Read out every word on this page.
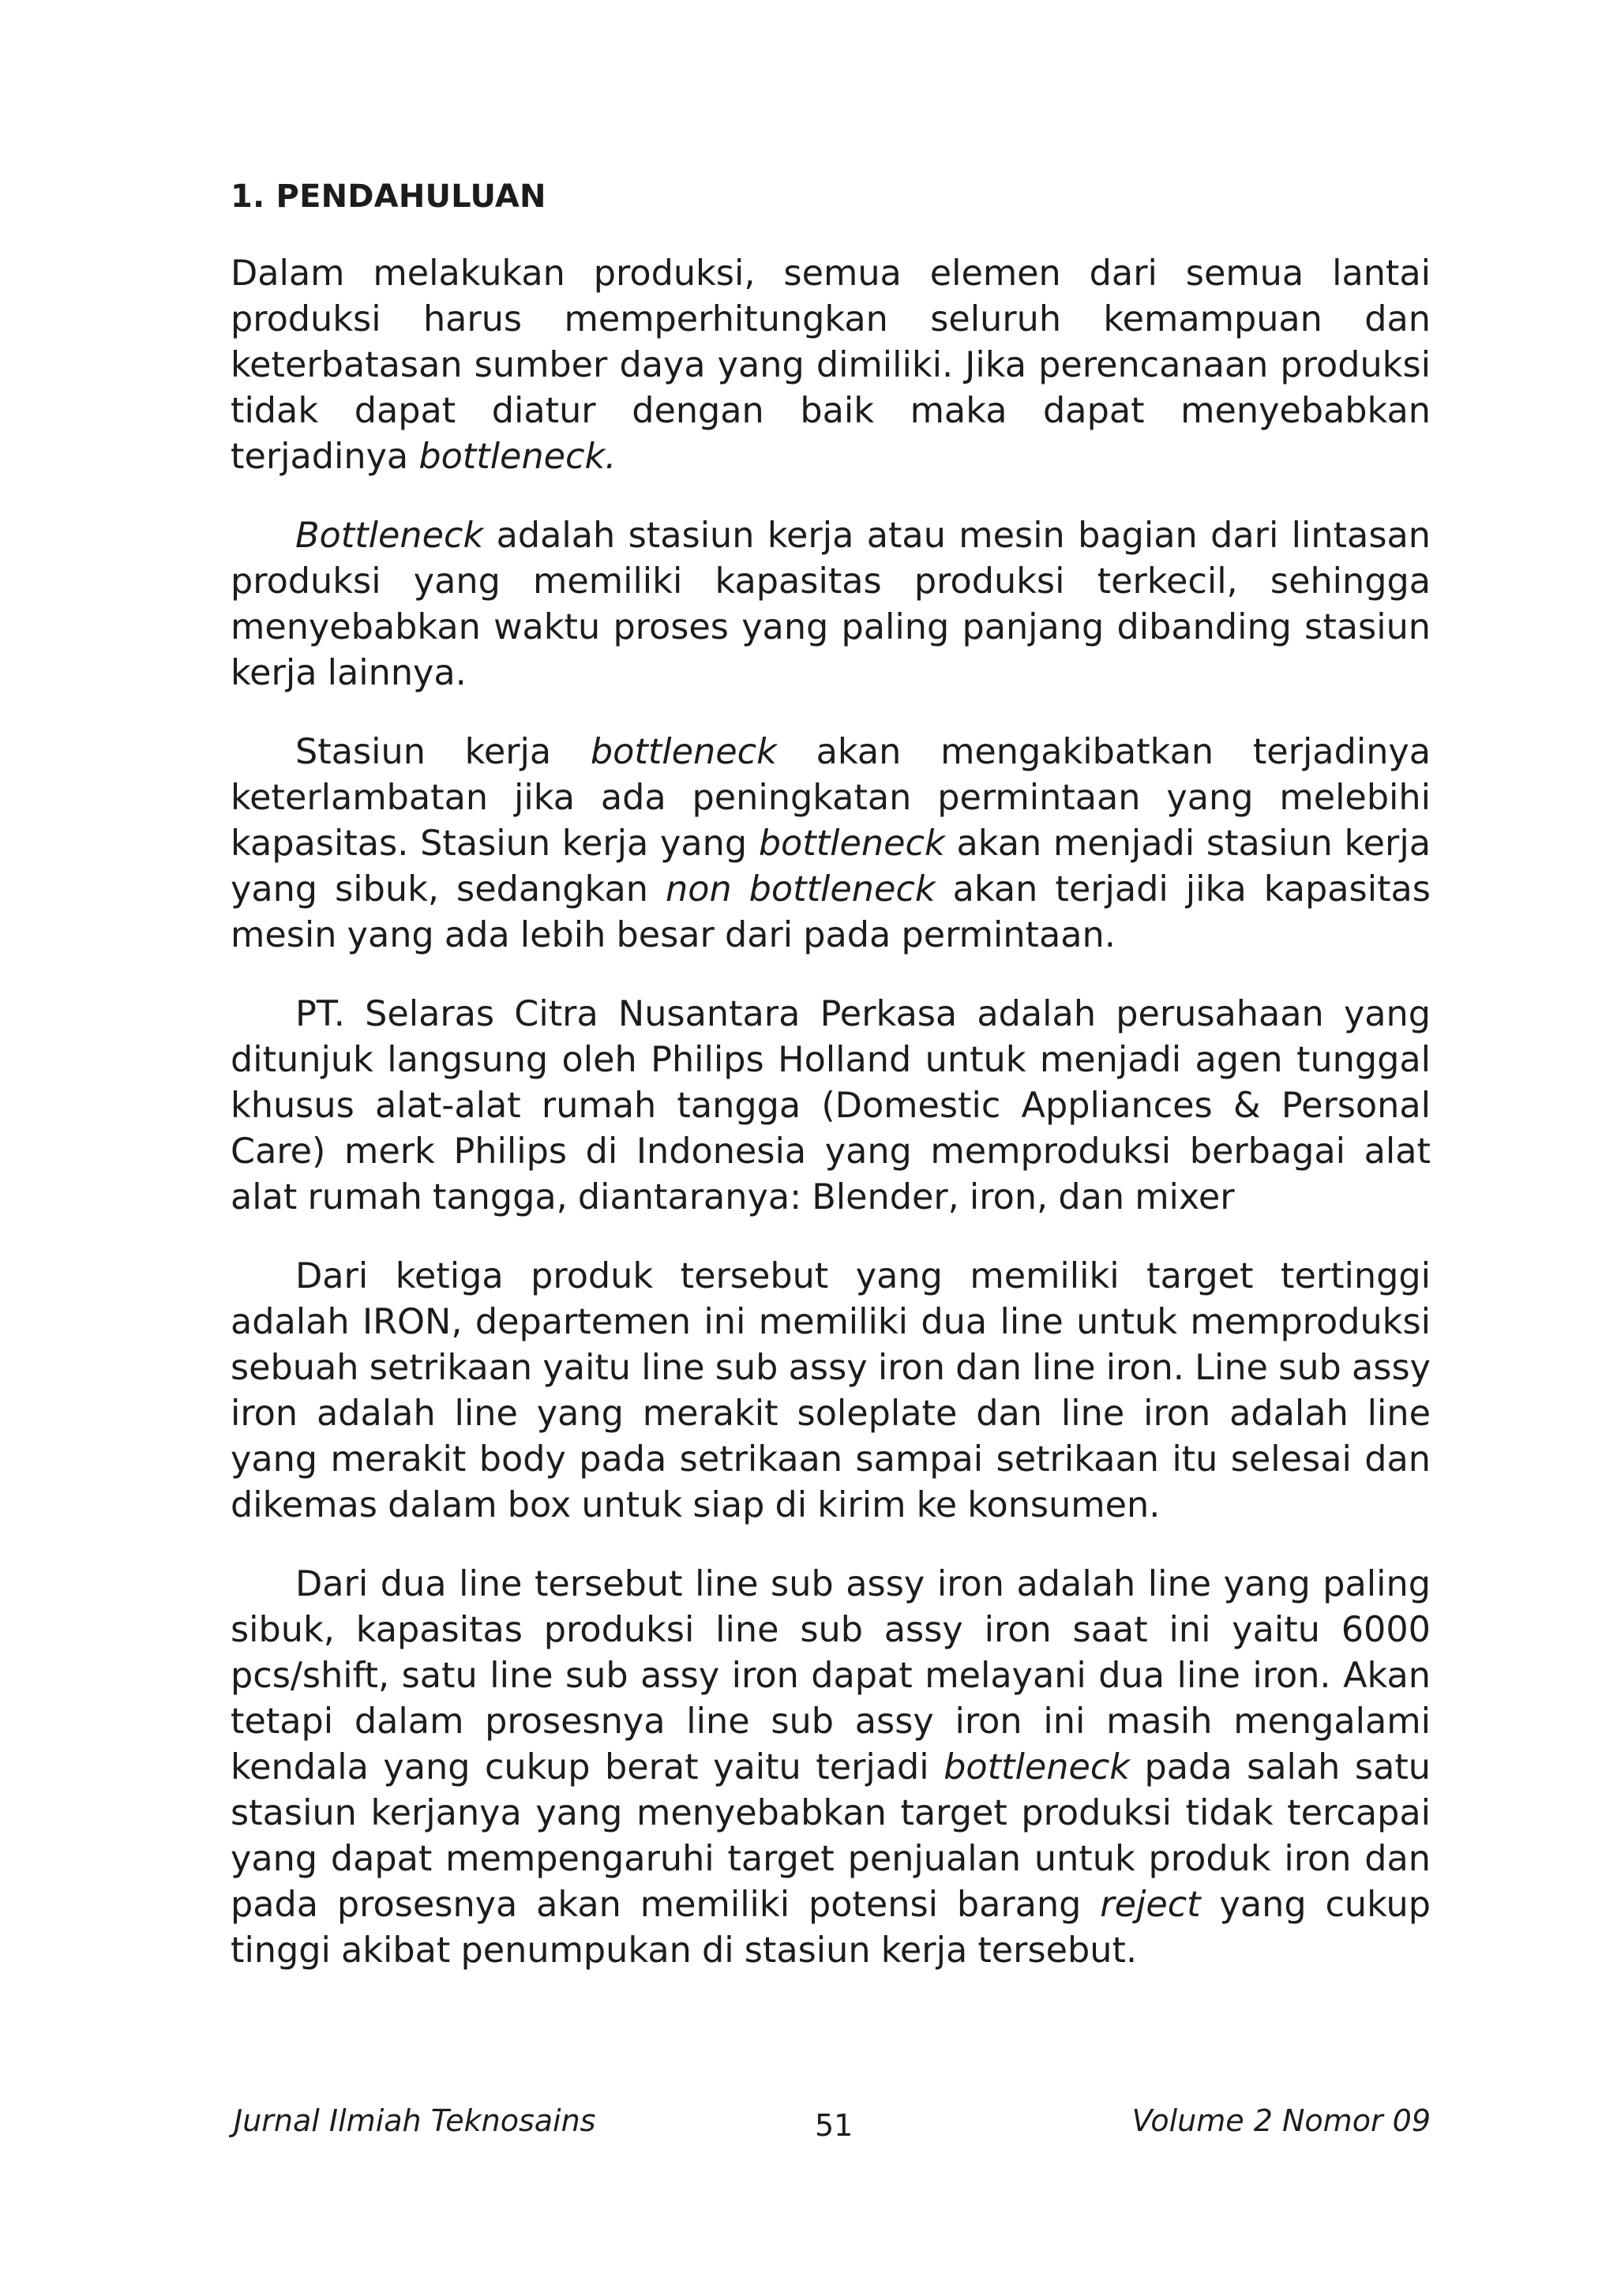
1. PENDAHULUAN

Dalam melakukan produksi, semua elemen dari semua lantai produksi harus memperhitungkan seluruh kemampuan dan keterbatasan sumber daya yang dimiliki. Jika perencanaan produksi tidak dapat diatur dengan baik maka dapat menyebabkan terjadinya bottleneck.

Bottleneck adalah stasiun kerja atau mesin bagian dari lintasan produksi yang memiliki kapasitas produksi terkecil, sehingga menyebabkan waktu proses yang paling panjang dibanding stasiun kerja lainnya.

Stasiun kerja bottleneck akan mengakibatkan terjadinya keterlambatan jika ada peningkatan permintaan yang melebihi kapasitas. Stasiun kerja yang bottleneck akan menjadi stasiun kerja yang sibuk, sedangkan non bottleneck akan terjadi jika kapasitas mesin yang ada lebih besar dari pada permintaan.

PT. Selaras Citra Nusantara Perkasa adalah perusahaan yang ditunjuk langsung oleh Philips Holland untuk menjadi agen tunggal khusus alat-alat rumah tangga (Domestic Appliances & Personal Care) merk Philips di Indonesia yang memproduksi berbagai alat alat rumah tangga, diantaranya: Blender, iron, dan mixer

Dari ketiga produk tersebut yang memiliki target tertinggi adalah IRON, departemen ini memiliki dua line untuk memproduksi sebuah setrikaan yaitu line sub assy iron dan line iron. Line sub assy iron adalah line yang merakit soleplate dan line iron adalah line yang merakit body pada setrikaan sampai setrikaan itu selesai dan dikemas dalam box untuk siap di kirim ke konsumen.

Dari dua line tersebut line sub assy iron adalah line yang paling sibuk, kapasitas produksi line sub assy iron saat ini yaitu 6000 pcs/shift, satu line sub assy iron dapat melayani dua line iron. Akan tetapi dalam prosesnya line sub assy iron ini masih mengalami kendala yang cukup berat yaitu terjadi bottleneck pada salah satu stasiun kerjanya yang menyebabkan target produksi tidak tercapai yang dapat mempengaruhi target penjualan untuk produk iron dan pada prosesnya akan memiliki potensi barang reject yang cukup tinggi akibat penumpukan di stasiun kerja tersebut.

Jurnal Ilmiah Teknosains	51	Volume 2 Nomor 09
